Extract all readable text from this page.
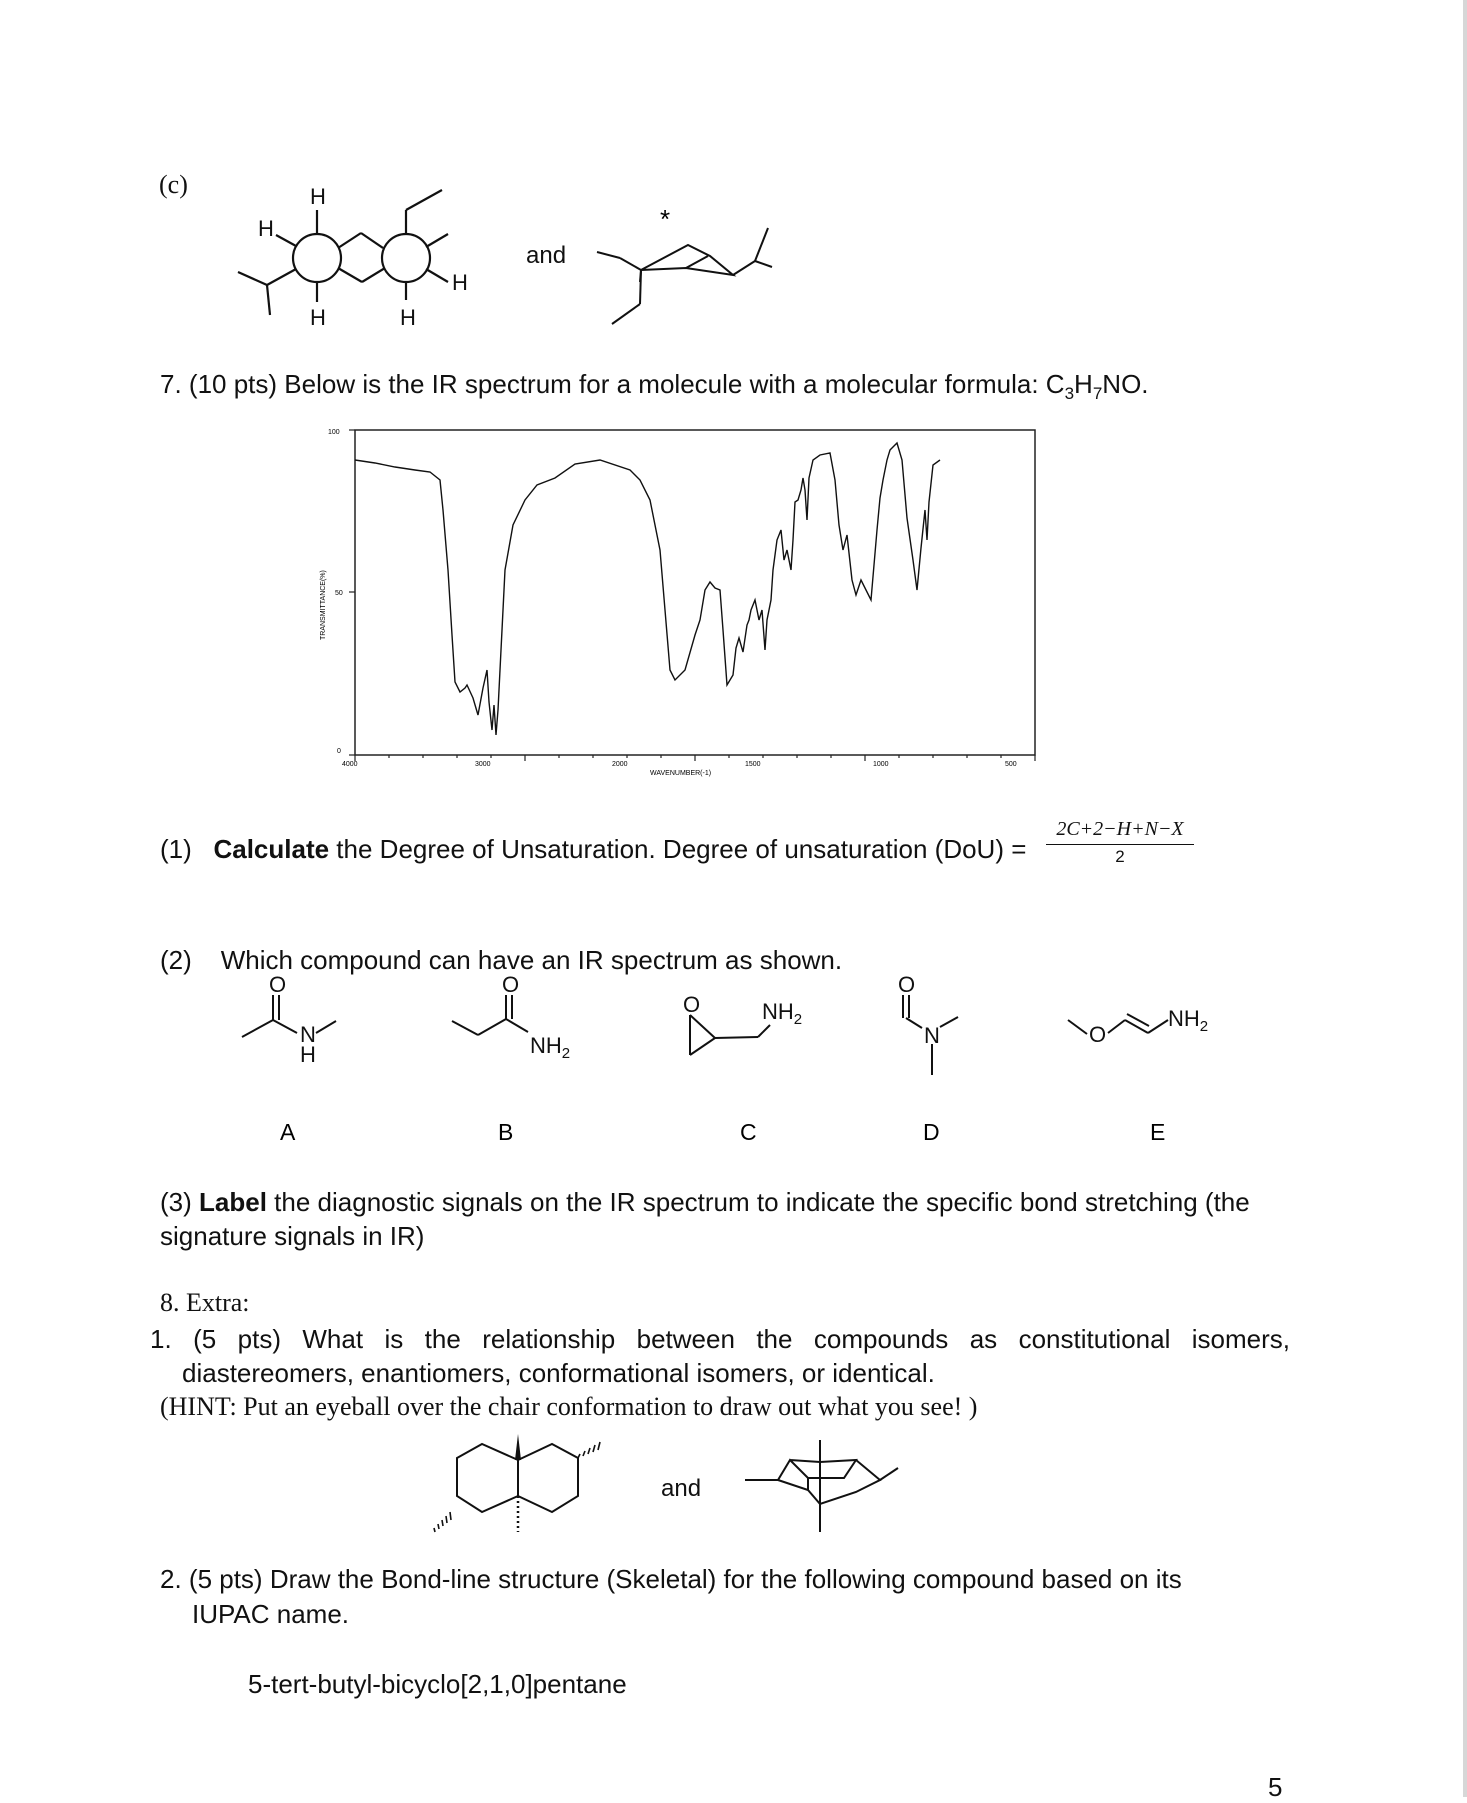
(c)	H
H
H	H
H
and
*
7. (10 pts) Below is the IR spectrum for a molecule with a molecular formula: $C_3H_7NO$.
100
50
0
TRANSMITTANCE(%)
4000	3000	2000	1500	1000	500
WAVENUMBER(-1)
(1) Calculate the Degree of Unsaturation. Degree of unsaturation $(DoU) = \frac{2C+2-H+N-X}{2}$
(2) Which compound can have an IR spectrum as shown.
O
N
H
O
$NH_2$
O	$NH_2$
O
N	O
$NH_2$
A	B	C	D	E
(3) Label the diagnostic signals on the IR spectrum to indicate the specific bond stretching (the
signature signals in IR)
8. Extra:
1. (5 pts) What is the relationship between the compounds as constitutional isomers,
diastereomers, enantiomers, conformational isomers, or identical.
(HINT: Put an eyeball over the chair conformation to draw out what you see! )
and
2. (5 pts) Draw the Bond-line structure (Skeletal) for the following compound based on its
IUPAC name.
5-tert-butyl-bicyclo[2,1,0]pentane
5
